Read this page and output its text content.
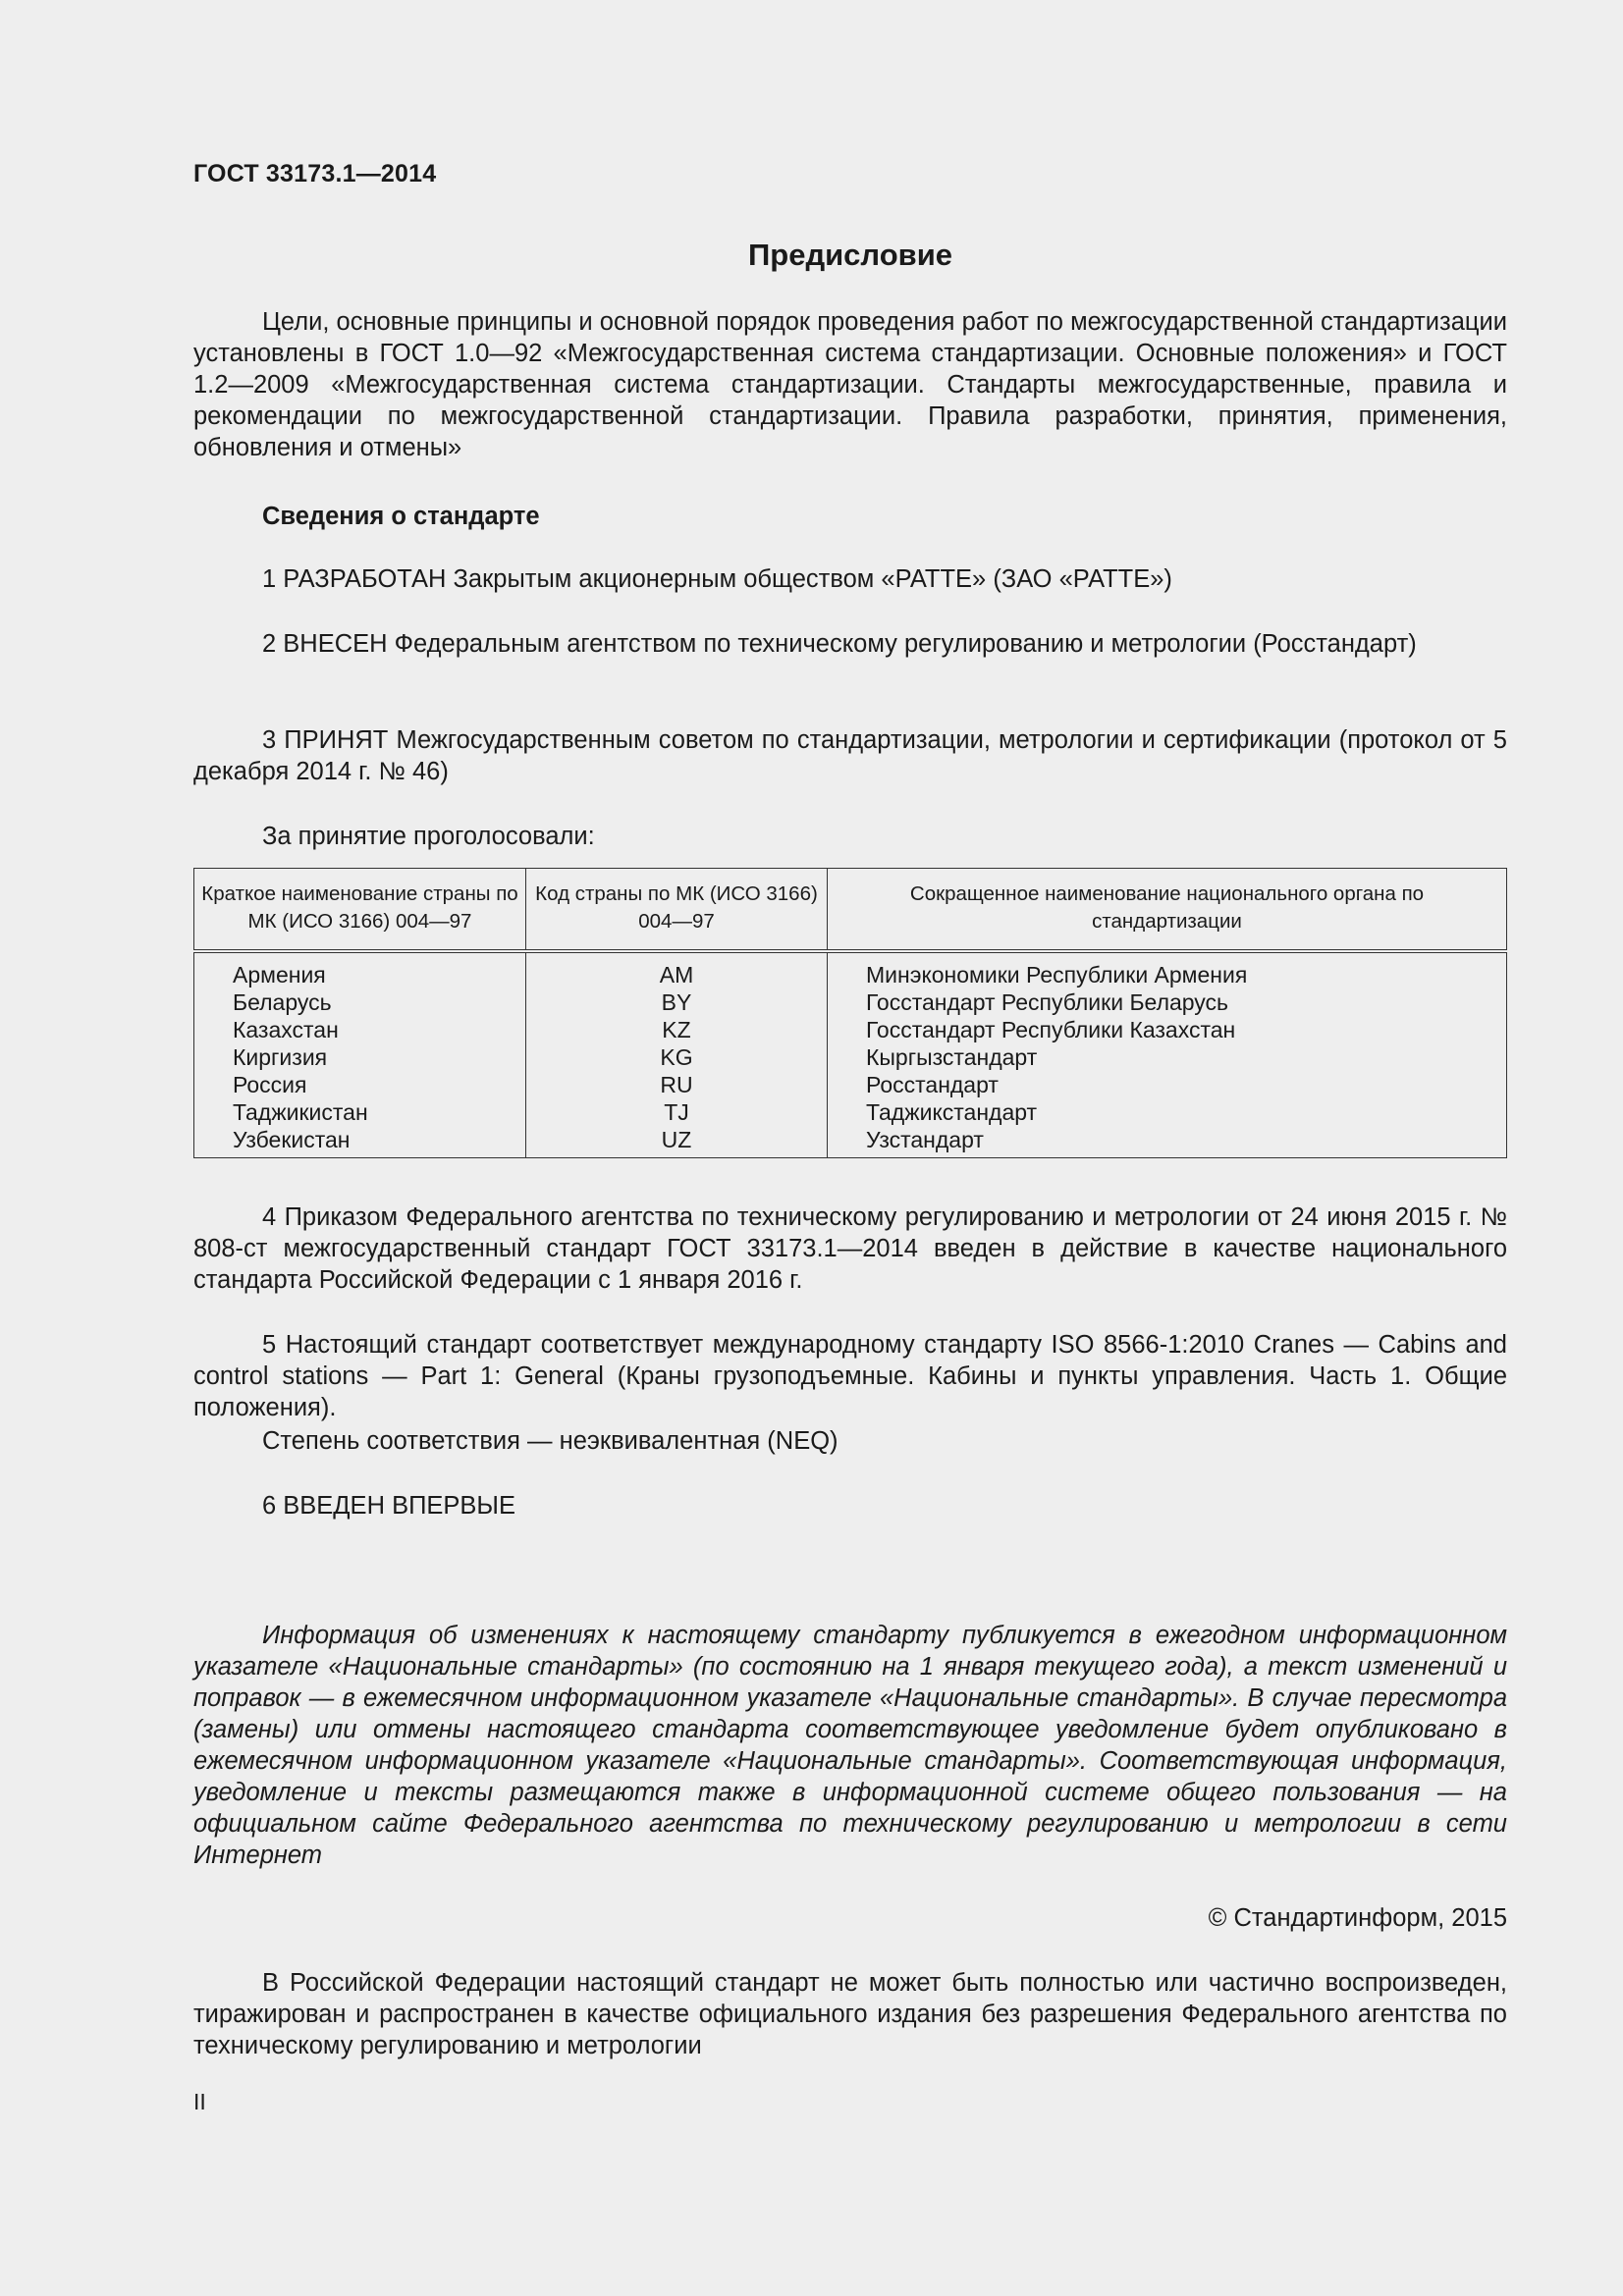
ГОСТ 33173.1—2014
Предисловие
Цели, основные принципы и основной порядок проведения работ по межгосударственной стандартизации установлены в ГОСТ 1.0—92 «Межгосударственная система стандартизации. Основные положения» и ГОСТ 1.2—2009 «Межгосударственная система стандартизации. Стандарты межгосударственные, правила и рекомендации по межгосударственной стандартизации. Правила разработки, принятия, применения, обновления и отмены»
Сведения о стандарте
1 РАЗРАБОТАН Закрытым акционерным обществом «РАТТЕ» (ЗАО «РАТТЕ»)
2 ВНЕСЕН Федеральным агентством по техническому регулированию и метрологии (Росстандарт)
3 ПРИНЯТ Межгосударственным советом по стандартизации, метрологии и сертификации (протокол от 5 декабря 2014 г. № 46)
За принятие проголосовали:
Краткое наименование страны по МК (ИСО 3166) 004—97	Код страны по МК (ИСО 3166) 004—97	Сокращенное наименование национального органа по стандартизации
Армения	AM	Минэкономики Республики Армения
Беларусь	BY	Госстандарт Республики Беларусь
Казахстан	KZ	Госстандарт Республики Казахстан
Киргизия	KG	Кыргызстандарт
Россия	RU	Росстандарт
Таджикистан	TJ	Таджикстандарт
Узбекистан	UZ	Узстандарт
4 Приказом Федерального агентства по техническому регулированию и метрологии от 24 июня 2015 г. № 808-ст межгосударственный стандарт ГОСТ 33173.1—2014 введен в действие в качестве национального стандарта Российской Федерации с 1 января 2016 г.
5 Настоящий стандарт соответствует международному стандарту ISO 8566-1:2010 Cranes — Cabins and control stations — Part 1: General (Краны грузоподъемные. Кабины и пункты управления. Часть 1. Общие положения).
Степень соответствия — неэквивалентная (NEQ)
6 ВВЕДЕН ВПЕРВЫЕ
Информация об изменениях к настоящему стандарту публикуется в ежегодном информационном указателе «Национальные стандарты» (по состоянию на 1 января текущего года), а текст изменений и поправок — в ежемесячном информационном указателе «Национальные стандарты». В случае пересмотра (замены) или отмены настоящего стандарта соответствующее уведомление будет опубликовано в ежемесячном информационном указателе «Национальные стандарты». Соответствующая информация, уведомление и тексты размещаются также в информационной системе общего пользования — на официальном сайте Федерального агентства по техническому регулированию и метрологии в сети Интернет
© Стандартинформ, 2015
В Российской Федерации настоящий стандарт не может быть полностью или частично воспроизведен, тиражирован и распространен в качестве официального издания без разрешения Федерального агентства по техническому регулированию и метрологии
II
